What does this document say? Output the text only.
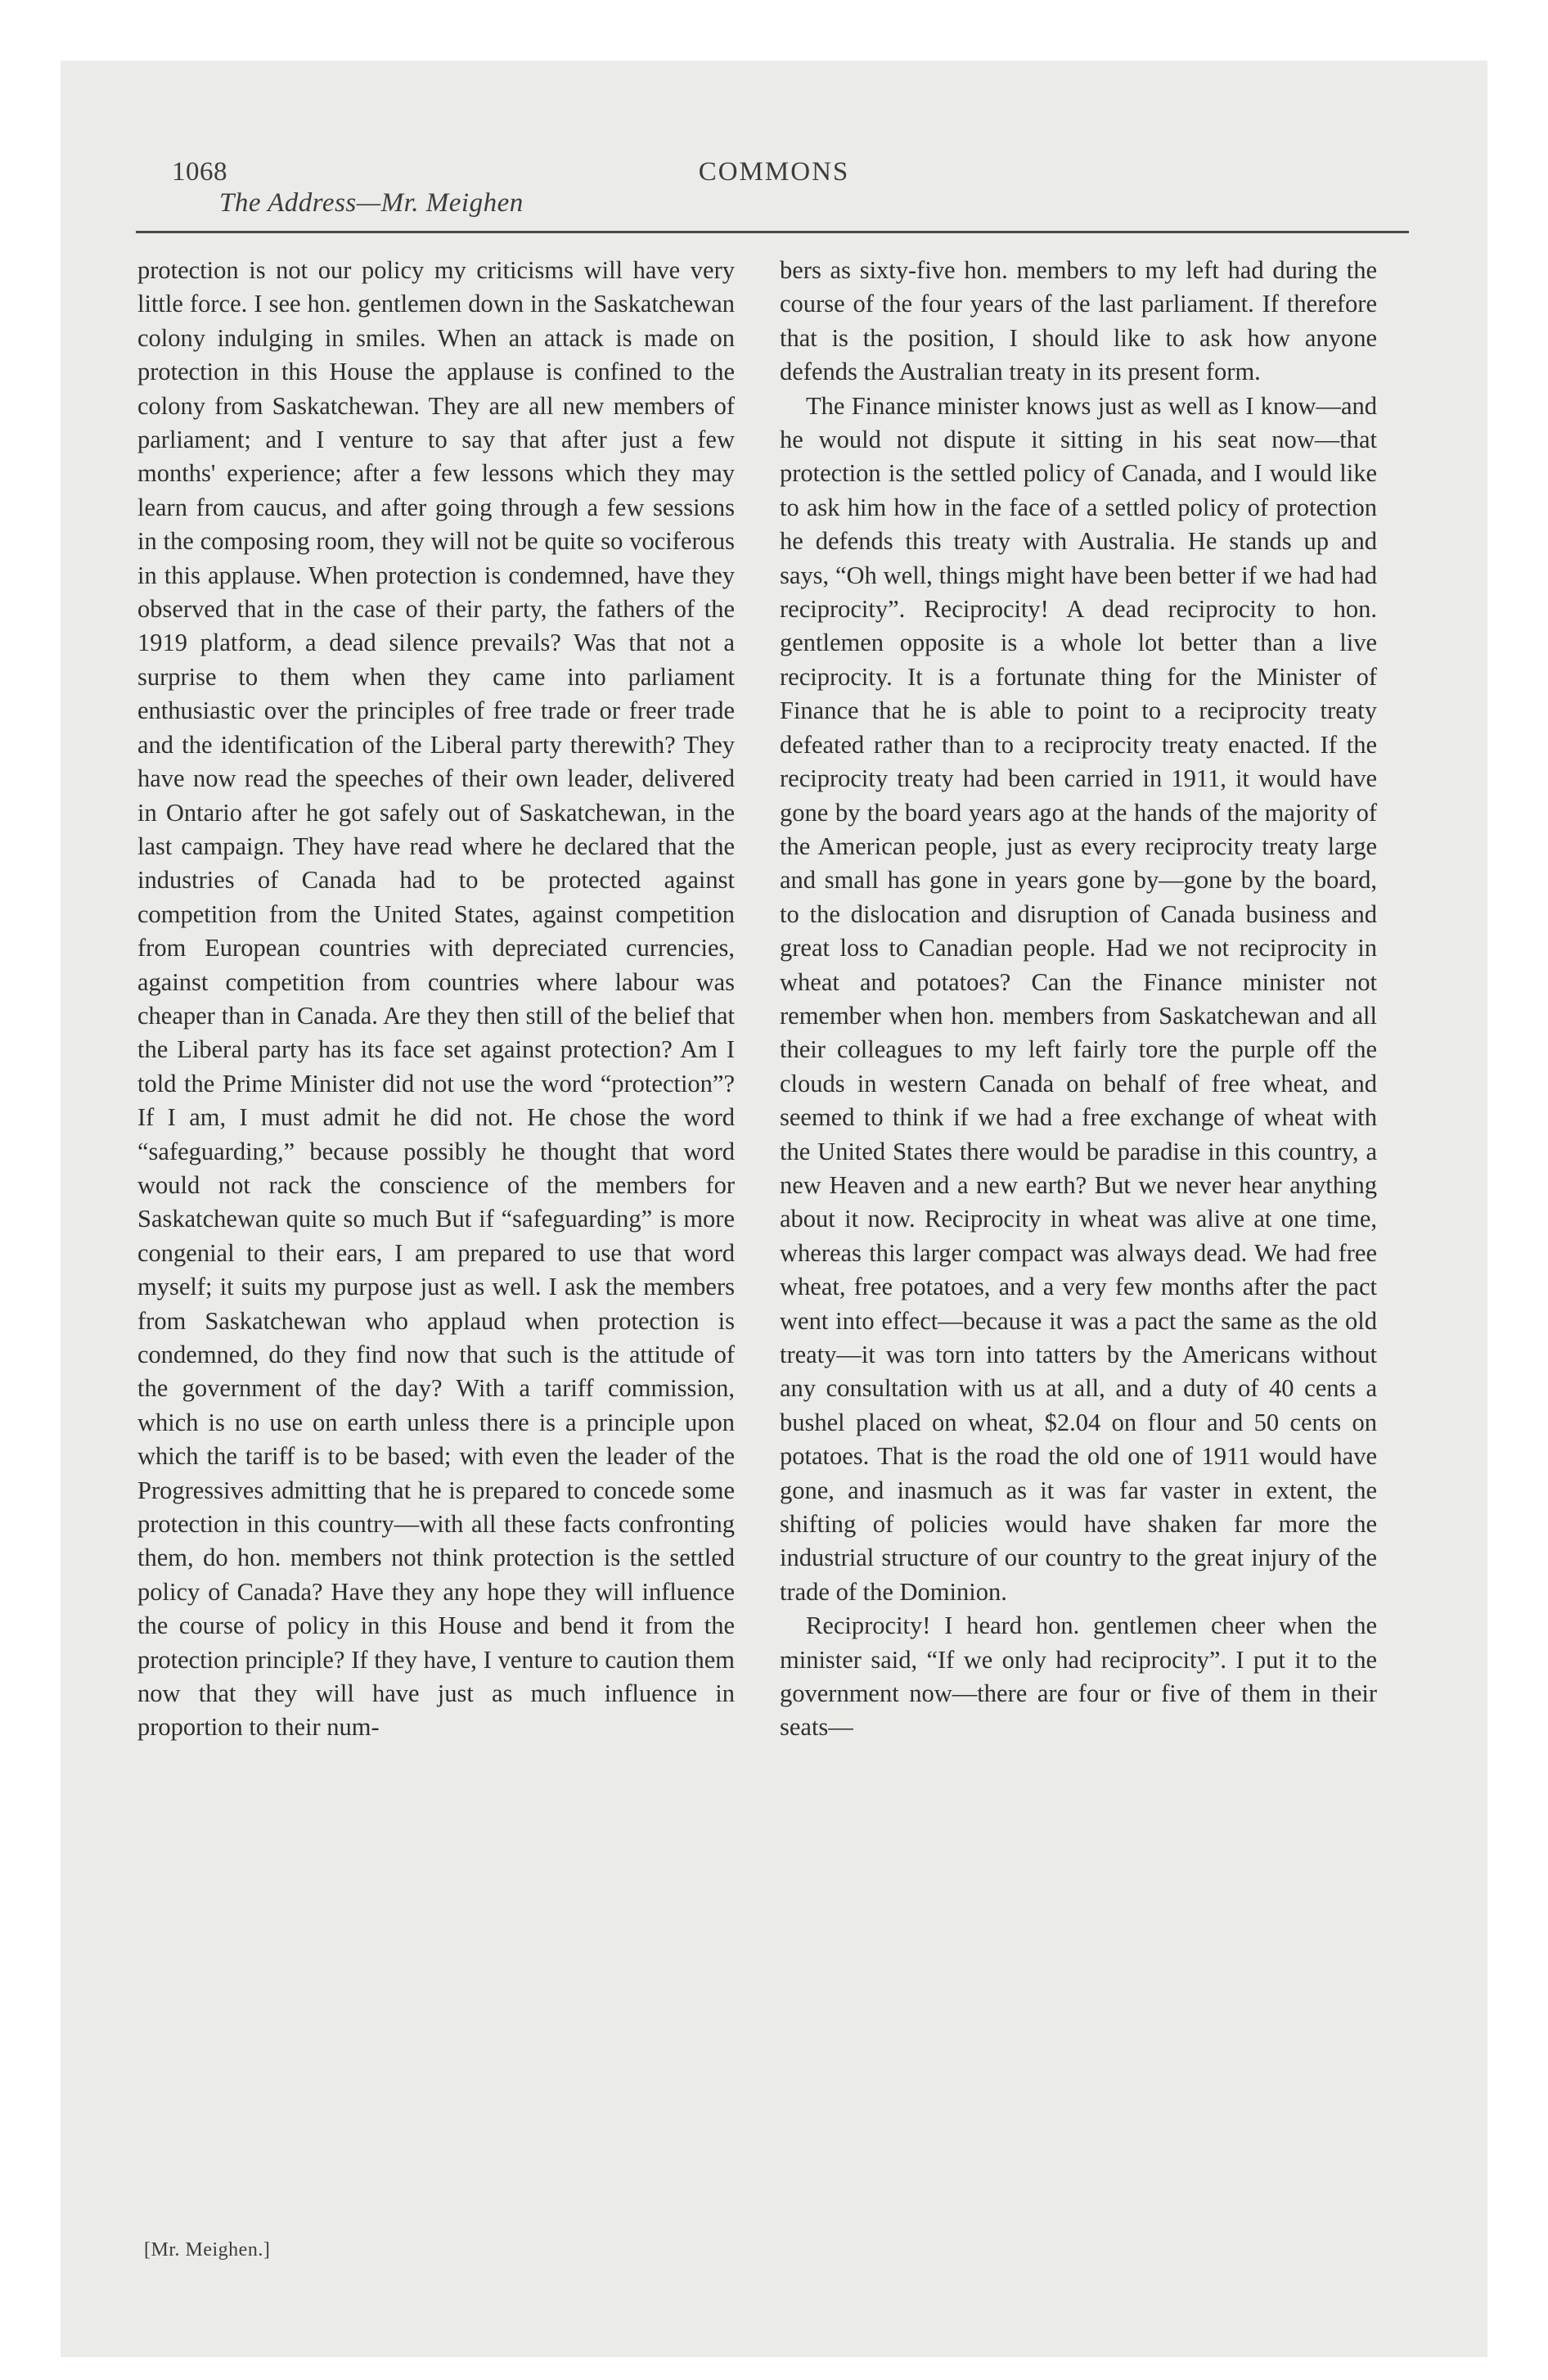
1068	COMMONS
The Address—Mr. Meighen

protection is not our policy my criticisms will have very little force. I see hon. gentlemen down in the Saskatchewan colony indulging in smiles. When an attack is made on protection in this House the applause is confined to the colony from Saskatchewan. They are all new members of parliament; and I venture to say that after just a few months' experience; after a few lessons which they may learn from caucus, and after going through a few sessions in the composing room, they will not be quite so vociferous in this applause. When protection is condemned, have they observed that in the case of their party, the fathers of the 1919 platform, a dead silence prevails? Was that not a surprise to them when they came into parliament enthusiastic over the principles of free trade or freer trade and the identification of the Liberal party therewith? They have now read the speeches of their own leader, delivered in Ontario after he got safely out of Saskatchewan, in the last campaign. They have read where he declared that the industries of Canada had to be protected against competition from the United States, against competition from European countries with depreciated currencies, against competition from countries where labour was cheaper than in Canada. Are they then still of the belief that the Liberal party has its face set against protection? Am I told the Prime Minister did not use the word “protection”? If I am, I must admit he did not. He chose the word “safeguarding,” because possibly he thought that word would not rack the conscience of the members for Saskatchewan quite so much But if “safeguarding” is more congenial to their ears, I am prepared to use that word myself; it suits my purpose just as well. I ask the members from Saskatchewan who applaud when protection is condemned, do they find now that such is the attitude of the government of the day? With a tariff commission, which is no use on earth unless there is a principle upon which the tariff is to be based; with even the leader of the Progressives admitting that he is prepared to concede some protection in this country—with all these facts confronting them, do hon. members not think protection is the settled policy of Canada? Have they any hope they will influence the course of policy in this House and bend it from the protection principle? If they have, I venture to caution them now that they will have just as much influence in proportion to their num-

bers as sixty-five hon. members to my left had during the course of the four years of the last parliament. If therefore that is the position, I should like to ask how anyone defends the Australian treaty in its present form.

The Finance minister knows just as well as I know—and he would not dispute it sitting in his seat now—that protection is the settled policy of Canada, and I would like to ask him how in the face of a settled policy of protection he defends this treaty with Australia. He stands up and says, “Oh well, things might have been better if we had had reciprocity”. Reciprocity! A dead reciprocity to hon. gentlemen opposite is a whole lot better than a live reciprocity. It is a fortunate thing for the Minister of Finance that he is able to point to a reciprocity treaty defeated rather than to a reciprocity treaty enacted. If the reciprocity treaty had been carried in 1911, it would have gone by the board years ago at the hands of the majority of the American people, just as every reciprocity treaty large and small has gone in years gone by—gone by the board, to the dislocation and disruption of Canada business and great loss to Canadian people. Had we not reciprocity in wheat and potatoes? Can the Finance minister not remember when hon. members from Saskatchewan and all their colleagues to my left fairly tore the purple off the clouds in western Canada on behalf of free wheat, and seemed to think if we had a free exchange of wheat with the United States there would be paradise in this country, a new Heaven and a new earth? But we never hear anything about it now. Reciprocity in wheat was alive at one time, whereas this larger compact was always dead. We had free wheat, free potatoes, and a very few months after the pact went into effect—because it was a pact the same as the old treaty—it was torn into tatters by the Americans without any consultation with us at all, and a duty of 40 cents a bushel placed on wheat, $2.04 on flour and 50 cents on potatoes. That is the road the old one of 1911 would have gone, and inasmuch as it was far vaster in extent, the shifting of policies would have shaken far more the industrial structure of our country to the great injury of the trade of the Dominion.

Reciprocity! I heard hon. gentlemen cheer when the minister said, “If we only had reciprocity”. I put it to the government now—there are four or five of them in their seats—

[Mr. Meighen.]
